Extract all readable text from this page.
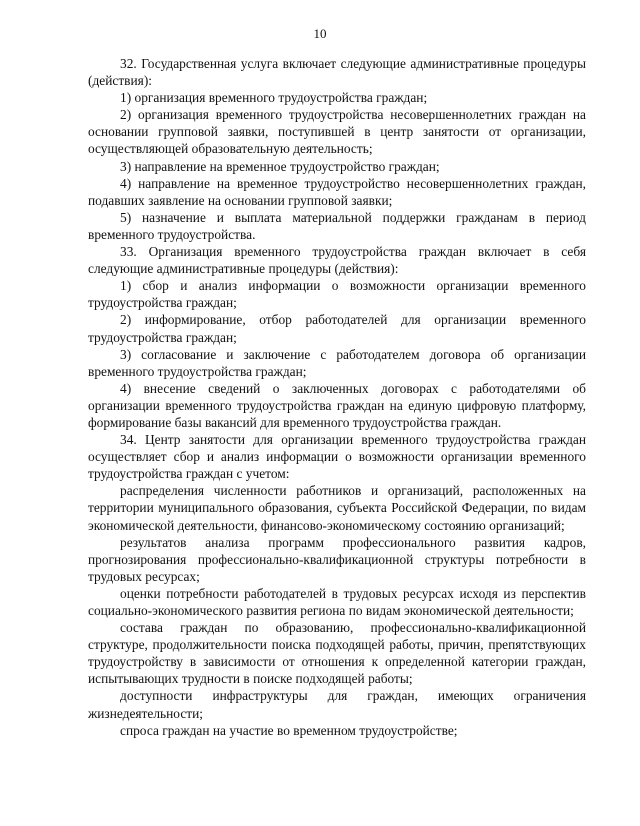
10

32. Государственная услуга включает следующие административные процедуры (действия):

1) организация временного трудоустройства граждан;

2) организация временного трудоустройства несовершеннолетних граждан на основании групповой заявки, поступившей в центр занятости от организации, осуществляющей образовательную деятельность;

3) направление на временное трудоустройство граждан;

4) направление на временное трудоустройство несовершеннолетних граждан, подавших заявление на основании групповой заявки;

5) назначение и выплата материальной поддержки гражданам в период временного трудоустройства.

33. Организация временного трудоустройства граждан включает в себя следующие административные процедуры (действия):

1) сбор и анализ информации о возможности организации временного трудоустройства граждан;

2) информирование, отбор работодателей для организации временного трудоустройства граждан;

3) согласование и заключение с работодателем договора об организации временного трудоустройства граждан;

4) внесение сведений о заключенных договорах с работодателями об организации временного трудоустройства граждан на единую цифровую платформу, формирование базы вакансий для временного трудоустройства граждан.

34. Центр занятости для организации временного трудоустройства граждан осуществляет сбор и анализ информации о возможности организации временного трудоустройства граждан с учетом:

распределения численности работников и организаций, расположенных на территории муниципального образования, субъекта Российской Федерации, по видам экономической деятельности, финансово-экономическому состоянию организаций;

результатов анализа программ профессионального развития кадров, прогнозирования профессионально-квалификационной структуры потребности в трудовых ресурсах;

оценки потребности работодателей в трудовых ресурсах исходя из перспектив социально-экономического развития региона по видам экономической деятельности;

состава граждан по образованию, профессионально-квалификационной структуре, продолжительности поиска подходящей работы, причин, препятствующих трудоустройству в зависимости от отношения к определенной категории граждан, испытывающих трудности в поиске подходящей работы;

доступности инфраструктуры для граждан, имеющих ограничения жизнедеятельности;

спроса граждан на участие во временном трудоустройстве;
